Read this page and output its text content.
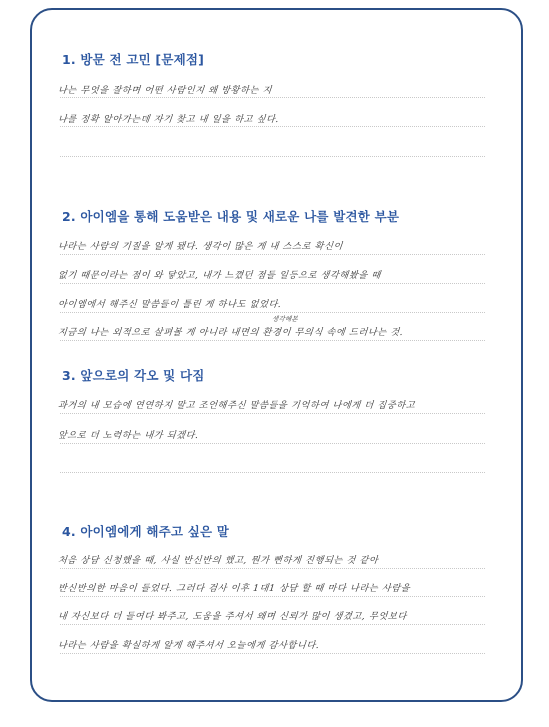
1. 방문 전 고민 [문제점]
나는 무엇을 잘하며 어떤 사람인지 왜 방황하는 지
나를 정확 알아가는데 자기 찾고 내 일을 하고 싶다.
2. 아이엠을 통해 도움받은 내용 및 새로운 나를 발견한 부분
나라는 사람의 기질을 알게 됐다. 생각이 많은 게 내 스스로 확신이
없기 때문이라는 점이 와 닿았고, 내가 느꼈던 점들 일등으로 생각해봤을 때
아이엠에서 해주신 말씀들이 틀린 게 하나도 없었다.
생각해본
지금의 나는 외적으로 살펴볼 게 아니라 내면의 환경이 무의식 속에 드러나는 것.
3. 앞으로의 각오 및 다짐
과거의 내 모습에 연연하지 말고 조언해주신 말씀들을 기억하여 나에게 더 집중하고
앞으로 더 노력하는 내가 되겠다.
4. 아이엠에게 해주고 싶은 말
처음 상담 신청했을 때, 사실 반신반의 했고, 뭔가 뻔하게 진행되는 것 같아
반신반의한 마음이 들었다. 그러다 검사 이후 1대1 상담 할 때 마다 나라는 사람을
내 자신보다 더 들여다 봐주고, 도움을 주셔서 왜며 신뢰가 많이 생겼고, 무엇보다
나라는 사람을 확실하게 알게 해주셔서 오늘에게 감사합니다.
